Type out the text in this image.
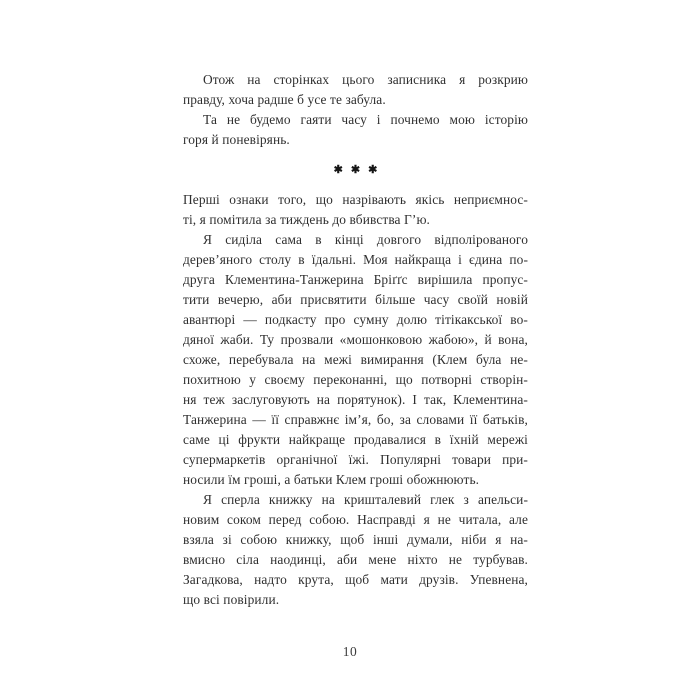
Отож на сторінках цього записника я розкрию
правду, хоча радше б усе те забула.
Та не будемо гаяти часу і почнемо мою історію
горя й поневірянь.
✱✱✱
Перші ознаки того, що назрівають якісь неприємнос-
ті, я помітила за тиждень до вбивства Г’ю.
Я сиділа сама в кінці довгого відполірованого
дерев’яного столу в їдальні. Моя найкраща і єдина по-
друга Клементина-Танжерина Бріґґс вирішила пропус-
тити вечерю, аби присвятити більше часу своїй новій
авантюрі — подкасту про сумну долю тітікакської во-
дяної жаби. Ту прозвали «мошонковою жабою», й вона,
схоже, перебувала на межі вимирання (Клем була не-
похитною у своєму переконанні, що потворні створін-
ня теж заслуговують на порятунок). І так, Клементина-
Танжерина — її справжнє ім’я, бо, за словами її батьків,
саме ці фрукти найкраще продавалися в їхній мережі
супермаркетів органічної їжі. Популярні товари при-
носили їм гроші, а батьки Клем гроші обожнюють.
Я сперла книжку на кришталевий глек з апельси-
новим соком перед собою. Насправді я не читала, але
взяла зі собою книжку, щоб інші думали, ніби я на-
вмисно сіла наодинці, аби мене ніхто не турбував.
Загадкова, надто крута, щоб мати друзів. Упевнена,
що всі повірили.
10
